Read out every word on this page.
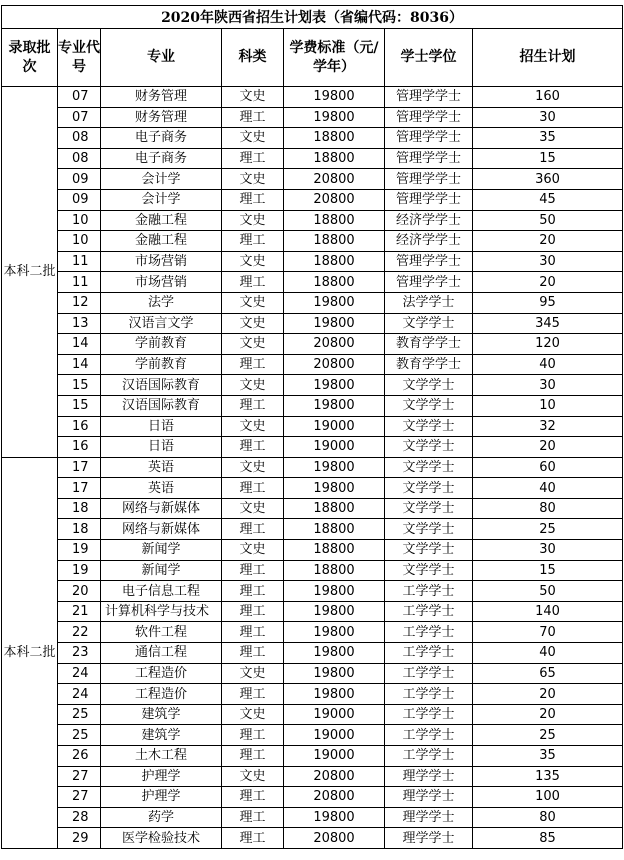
2020年陕西省招生计划表（省编代码：8036）						
录取批次	专业代号	专业	科类	学费标准（元/学年）	学士学位	招生计划
本科二批	07	财务管理	文史	19800	管理学学士	160
	07	财务管理	理工	19800	管理学学士	30
	08	电子商务	文史	18800	管理学学士	35
	08	电子商务	理工	18800	管理学学士	15
	09	会计学	文史	20800	管理学学士	360
	09	会计学	理工	20800	管理学学士	45
	10	金融工程	文史	18800	经济学学士	50
	10	金融工程	理工	18800	经济学学士	20
	11	市场营销	文史	18800	管理学学士	30
	11	市场营销	理工	18800	管理学学士	20
	12	法学	文史	19800	法学学士	95
	13	汉语言文学	文史	19800	文学学士	345
	14	学前教育	文史	20800	教育学学士	120
	14	学前教育	理工	20800	教育学学士	40
	15	汉语国际教育	文史	19800	文学学士	30
	15	汉语国际教育	理工	19800	文学学士	10
	16	日语	文史	19000	文学学士	32
	16	日语	理工	19000	文学学士	20
本科二批	17	英语	文史	19800	文学学士	60
	17	英语	理工	19800	文学学士	40
	18	网络与新媒体	文史	18800	文学学士	80
	18	网络与新媒体	理工	18800	文学学士	25
	19	新闻学	文史	18800	文学学士	30
	19	新闻学	理工	18800	文学学士	15
	20	电子信息工程	理工	19800	工学学士	50
	21	计算机科学与技术	理工	19800	工学学士	140
	22	软件工程	理工	19800	工学学士	70
	23	通信工程	理工	19800	工学学士	40
	24	工程造价	文史	19800	工学学士	65
	24	工程造价	理工	19800	工学学士	20
	25	建筑学	文史	19000	工学学士	20
	25	建筑学	理工	19000	工学学士	25
	26	土木工程	理工	19000	工学学士	35
	27	护理学	文史	20800	理学学士	135
	27	护理学	理工	20800	理学学士	100
	28	药学	理工	19800	理学学士	80
	29	医学检验技术	理工	20800	理学学士	85
